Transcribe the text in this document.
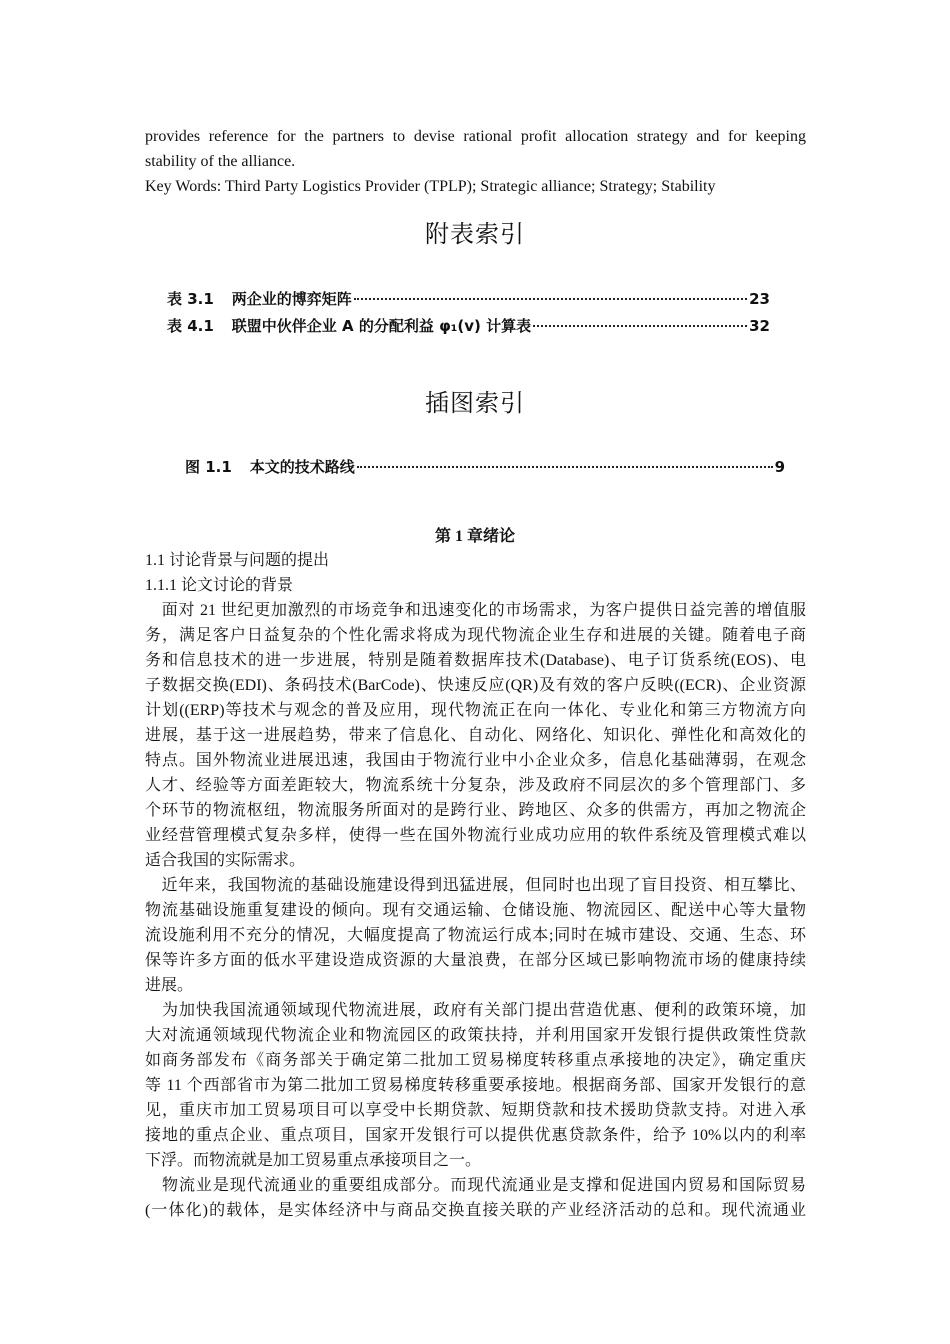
provides reference for the partners to devise rational profit allocation strategy and for keeping
stability of the alliance.
Key Words: Third Party Logistics Provider (TPLP); Strategic alliance; Strategy; Stability
附表索引
表 3.1 两企业的博弈矩阵	23
表 4.1 联盟中伙伴企业 A 的分配利益 φ₁(v) 计算表	32
插图索引
图 1.1 本文的技术路线	9
第 1 章绪论
1.1 讨论背景与问题的提出
1.1.1 论文讨论的背景
　面对 21 世纪更加激烈的市场竞争和迅速变化的市场需求，为客户提供日益完善的增值服
务，满足客户日益复杂的个性化需求将成为现代物流企业生存和进展的关键。随着电子商
务和信息技术的进一步进展，特别是随着数据库技术(Database)、电子订货系统(EOS)、电
子数据交换(EDI)、条码技术(BarCode)、快速反应(QR)及有效的客户反映((ECR)、企业资源
计划((ERP)等技术与观念的普及应用，现代物流正在向一体化、专业化和第三方物流方向
进展，基于这一进展趋势，带来了信息化、自动化、网络化、知识化、弹性化和高效化的
特点。国外物流业进展迅速，我国由于物流行业中小企业众多，信息化基础薄弱，在观念
人才、经验等方面差距较大，物流系统十分复杂，涉及政府不同层次的多个管理部门、多
个环节的物流枢纽，物流服务所面对的是跨行业、跨地区、众多的供需方，再加之物流企
业经营管理模式复杂多样，使得一些在国外物流行业成功应用的软件系统及管理模式难以
适合我国的实际需求。
　近年来，我国物流的基础设施建设得到迅猛进展，但同时也出现了盲目投资、相互攀比、
物流基础设施重复建设的倾向。现有交通运输、仓储设施、物流园区、配送中心等大量物
流设施利用不充分的情况，大幅度提高了物流运行成本;同时在城市建设、交通、生态、环
保等许多方面的低水平建设造成资源的大量浪费，在部分区域已影响物流市场的健康持续
进展。
　为加快我国流通领域现代物流进展，政府有关部门提出营造优惠、便利的政策环境，加
大对流通领域现代物流企业和物流园区的政策扶持，并利用国家开发银行提供政策性贷款
如商务部发布《商务部关于确定第二批加工贸易梯度转移重点承接地的决定》，确定重庆
等 11 个西部省市为第二批加工贸易梯度转移重要承接地。根据商务部、国家开发银行的意
见，重庆市加工贸易项目可以享受中长期贷款、短期贷款和技术援助贷款支持。对进入承
接地的重点企业、重点项目，国家开发银行可以提供优惠贷款条件，给予 10%以内的利率
下浮。而物流就是加工贸易重点承接项目之一。
　物流业是现代流通业的重要组成部分。而现代流通业是支撑和促进国内贸易和国际贸易
(一体化)的载体，是实体经济中与商品交换直接关联的产业经济活动的总和。现代流通业
